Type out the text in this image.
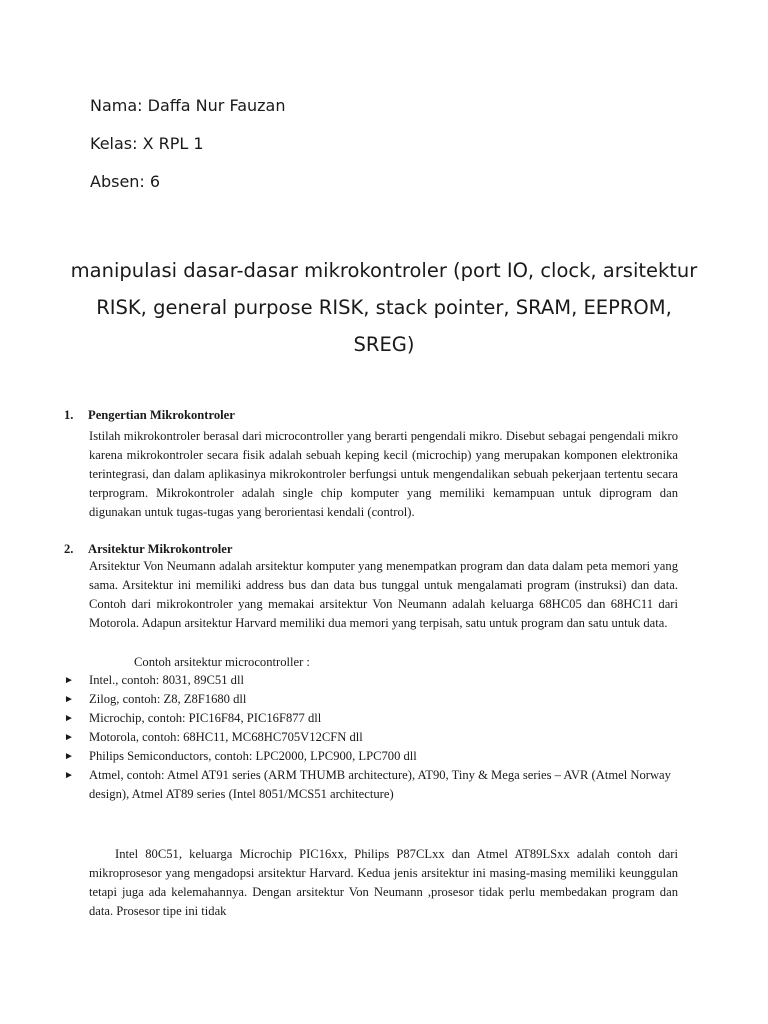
Nama: Daffa Nur Fauzan
Kelas: X RPL 1
Absen: 6
manipulasi dasar-dasar mikrokontroler (port IO, clock, arsitektur RISK, general purpose RISK, stack pointer, SRAM, EEPROM, SREG)
1. Pengertian Mikrokontroler
Istilah mikrokontroler berasal dari microcontroller yang berarti pengendali mikro. Disebut sebagai pengendali mikro karena mikrokontroler secara fisik adalah sebuah keping kecil (microchip) yang merupakan komponen elektronika terintegrasi, dan dalam aplikasinya mikrokontroler berfungsi untuk mengendalikan sebuah pekerjaan tertentu secara terprogram. Mikrokontroler adalah single chip komputer yang memiliki kemampuan untuk diprogram dan digunakan untuk tugas-tugas yang berorientasi kendali (control).
2. Arsitektur Mikrokontroler
Arsitektur Von Neumann adalah arsitektur komputer yang menempatkan program dan data dalam peta memori yang sama. Arsitektur ini memiliki address bus dan data bus tunggal untuk mengalamati program (instruksi) dan data. Contoh dari mikrokontroler yang memakai arsitektur Von Neumann adalah keluarga 68HC05 dan 68HC11 dari Motorola. Adapun arsitektur Harvard memiliki dua memori yang terpisah, satu untuk program dan satu untuk data.
Contoh arsitektur microcontroller :
► Intel., contoh: 8031, 89C51 dll
► Zilog, contoh: Z8, Z8F1680 dll
► Microchip, contoh: PIC16F84, PIC16F877 dll
► Motorola, contoh: 68HC11, MC68HC705V12CFN dll
► Philips Semiconductors, contoh: LPC2000, LPC900, LPC700 dll
► Atmel, contoh: Atmel AT91 series (ARM THUMB architecture), AT90, Tiny & Mega series – AVR (Atmel Norway design), Atmel AT89 series (Intel 8051/MCS51 architecture)
Intel 80C51, keluarga Microchip PIC16xx, Philips P87CLxx dan Atmel AT89LSxx adalah contoh dari mikroprosesor yang mengadopsi arsitektur Harvard. Kedua jenis arsitektur ini masing-masing memiliki keunggulan tetapi juga ada kelemahannya. Dengan arsitektur Von Neumann ,prosesor tidak perlu membedakan program dan data. Prosesor tipe ini tidak
